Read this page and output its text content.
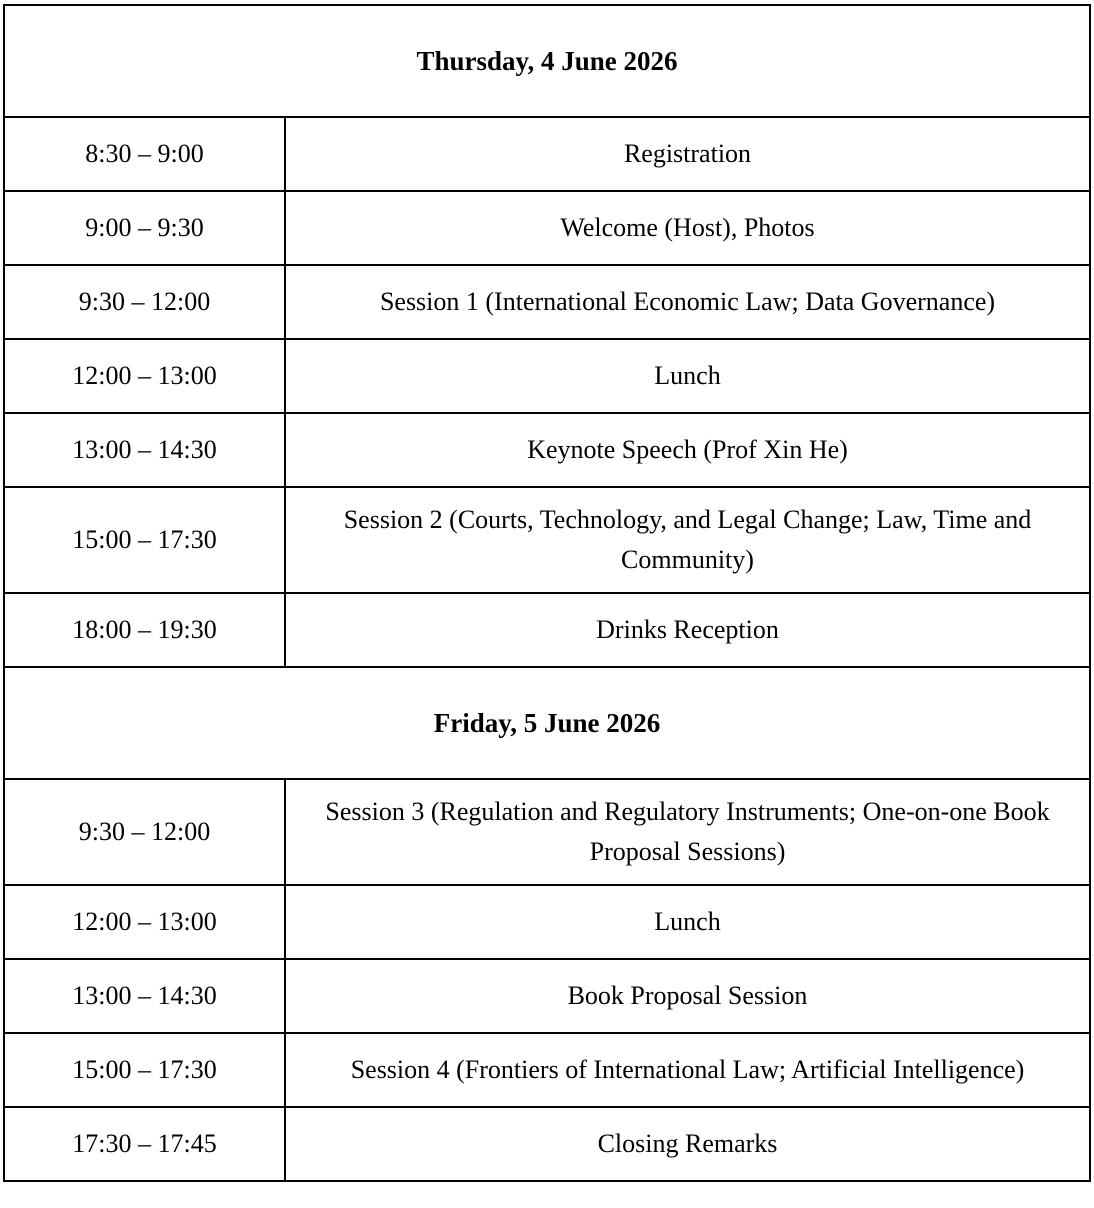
Thursday, 4 June 2026	
8:30 – 9:00	Registration
9:00 – 9:30	Welcome (Host), Photos
9:30 – 12:00	Session 1 (International Economic Law; Data Governance)
12:00 – 13:00	Lunch
13:00 – 14:30	Keynote Speech (Prof Xin He)
15:00 – 17:30	Session 2 (Courts, Technology, and Legal Change; Law, Time and Community)
18:00 – 19:30	Drinks Reception
Friday, 5 June 2026	
9:30 – 12:00	Session 3 (Regulation and Regulatory Instruments; One-on-one Book Proposal Sessions)
12:00 – 13:00	Lunch
13:00 – 14:30	Book Proposal Session
15:00 – 17:30	Session 4 (Frontiers of International Law; Artificial Intelligence)
17:30 – 17:45	Closing Remarks
